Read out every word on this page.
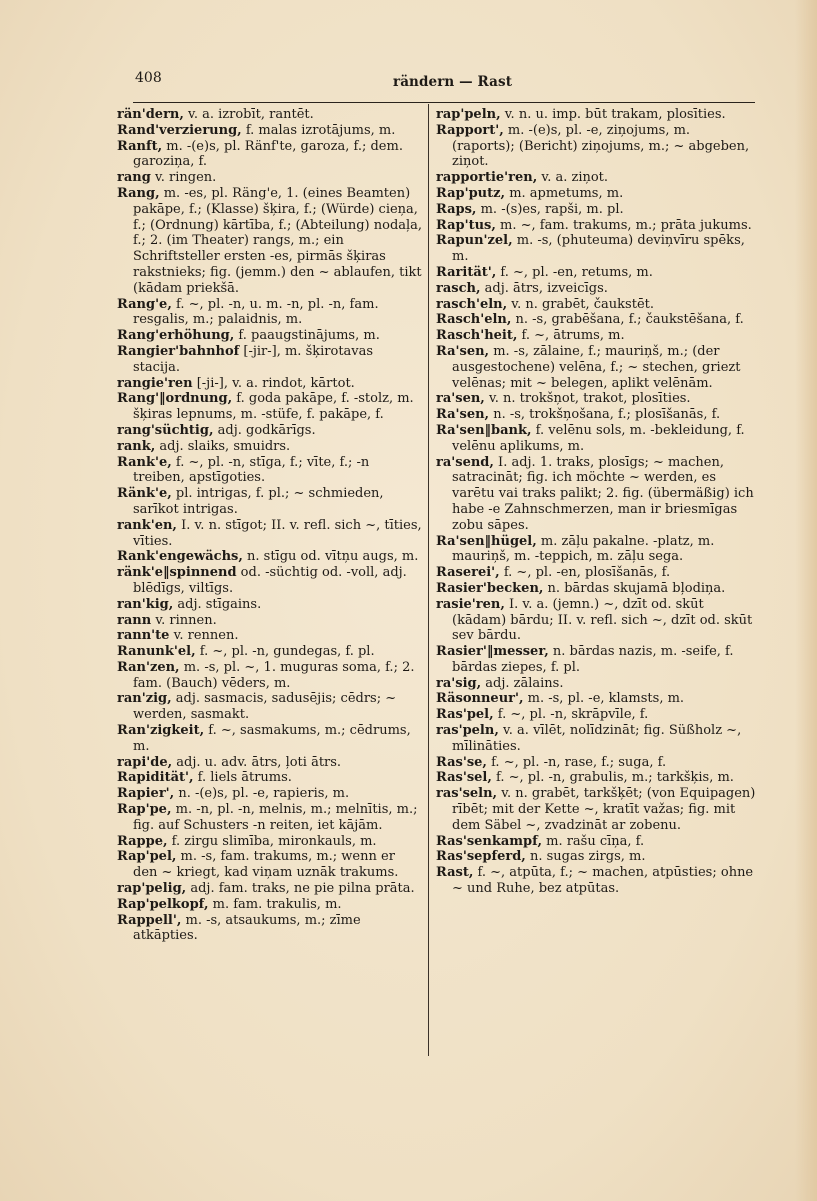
408	rändern — Rast

rän'dern, v. a. izrobīt, rantēt.

Rand'verzierung, f. malas izrotājums, m.

Ranft, m. -(e)s, pl. Ränf'te, garoza, f.; dem. garoziņa, f.

rang v. ringen.

Rang, m. -es, pl. Räng'e, 1. (eines Beamten) pakāpe, f.; (Klasse) šķira, f.; (Würde) cieņa, f.; (Ordnung) kārtība, f.; (Abteilung) nodaļa, f.; 2. (im Theater) rangs, m.; ein Schriftsteller ersten -es, pirmās šķiras rakstnieks; fig. (jemm.) den ~ ablaufen, tikt (kādam priekšā.

Rang'e, f. ~, pl. -n, u. m. -n, pl. -n, fam. resgalis, m.; palaidnis, m.

Rang'erhöhung, f. paaugstinājums, m.

Rangier'bahnhof [-jir-], m. šķirotavas stacija.

rangie'ren [-ji-], v. a. rindot, kārtot.

Rang'‖ordnung, f. goda pakāpe, f. -stolz, m. šķiras lepnums, m. -stüfe, f. pakāpe, f.

rang'süchtig, adj. godkārīgs.

rank, adj. slaiks, smuidrs.

Rank'e, f. ~, pl. -n, stīga, f.; vīte, f.; -n treiben, apstīgoties.

Ränk'e, pl. intrigas, f. pl.; ~ schmieden, sarīkot intrigas.

rank'en, I. v. n. stīgot; II. v. refl. sich ~, tīties, vīties.

Rank'engewächs, n. stīgu od. vītņu augs, m.

ränk'e‖spinnend od. -süchtig od. -voll, adj. blēdīgs, viltīgs.

ran'kig, adj. stīgains.

rann v. rinnen.

rann'te v. rennen.

Ranunk'el, f. ~, pl. -n, gundegas, f. pl.

Ran'zen, m. -s, pl. ~, 1. muguras soma, f.; 2. fam. (Bauch) vēders, m.

ran'zig, adj. sasmacis, sadusējis; cēdrs; ~ werden, sasmakt.

Ran'zigkeit, f. ~, sasmakums, m.; cēdrums, m.

rapi'de, adj. u. adv. ātrs, ļoti ātrs.

Rapidität', f. liels ātrums.

Rapier', n. -(e)s, pl. -e, rapieris, m.

Rap'pe, m. -n, pl. -n, melnis, m.; melnītis, m.; fig. auf Schusters -n reiten, iet kājām.

Rappe, f. zirgu slimība, mironkauls, m.

Rap'pel, m. -s, fam. trakums, m.; wenn er den ~ kriegt, kad viņam uznāk trakums.

rap'pelig, adj. fam. traks, ne pie pilna prāta.

Rap'pelkopf, m. fam. trakulis, m.

Rappell', m. -s, atsaukums, m.; zīme atkāpties.

rap'peln, v. n. u. imp. būt trakam, plosīties.

Rapport', m. -(e)s, pl. -e, ziņojums, m. (raports); (Bericht) ziņojums, m.; ~ abgeben, ziņot.

rapportie'ren, v. a. ziņot.

Rap'putz, m. apmetums, m.

Raps, m. -(s)es, rapši, m. pl.

Rap'tus, m. ~, fam. trakums, m.; prāta jukums.

Rapun'zel, m. -s, (phuteuma) deviņvīru spēks, m.

Rarität', f. ~, pl. -en, retums, m.

rasch, adj. ātrs, izveicīgs.

rasch'eln, v. n. grabēt, čaukstēt.

Rasch'eln, n. -s, grabēšana, f.; čaukstēšana, f.

Rasch'heit, f. ~, ātrums, m.

Ra'sen, m. -s, zālaine, f.; mauriņš, m.; (der ausgestochene) velēna, f.; ~ stechen, griezt velēnas; mit ~ belegen, aplikt velēnām.

ra'sen, v. n. trokšņot, trakot, plosīties.

Ra'sen, n. -s, trokšņošana, f.; plosīšanās, f.

Ra'sen‖bank, f. velēnu sols, m. -bekleidung, f. velēnu aplikums, m.

ra'send, I. adj. 1. traks, plosīgs; ~ machen, satracināt; fig. ich möchte ~ werden, es varētu vai traks palikt; 2. fig. (übermäßig) ich habe -e Zahnschmerzen, man ir briesmīgas zobu sāpes.

Ra'sen‖hügel, m. zāļu pakalne. -platz, m. mauriņš, m. -teppich, m. zāļu sega.

Raserei', f. ~, pl. -en, plosīšanās, f.

Rasier'becken, n. bārdas skujamā bļodiņa.

rasie'ren, I. v. a. (jemn.) ~, dzīt od. skūt (kādam) bārdu; II. v. refl. sich ~, dzīt od. skūt sev bārdu.

Rasier'‖messer, n. bārdas nazis, m. -seife, f. bārdas ziepes, f. pl.

ra'sig, adj. zālains.

Räsonneur', m. -s, pl. -e, klamsts, m.

Ras'pel, f. ~, pl. -n, skrāpvīle, f.

ras'peln, v. a. vīlēt, nolīdzināt; fig. Süßholz ~, mīlināties.

Ras'se, f. ~, pl. -n, rase, f.; suga, f.

Ras'sel, f. ~, pl. -n, grabulis, m.; tarkšķis, m.

ras'seln, v. n. grabēt, tarkšķēt; (von Equipagen) rībēt; mit der Kette ~, kratīt važas; fig. mit dem Säbel ~, zvadzināt ar zobenu.

Ras'senkampf, m. rašu cīņa, f.

Ras'sepferd, n. sugas zirgs, m.

Rast, f. ~, atpūta, f.; ~ machen, atpūsties; ohne ~ und Ruhe, bez atpūtas.
